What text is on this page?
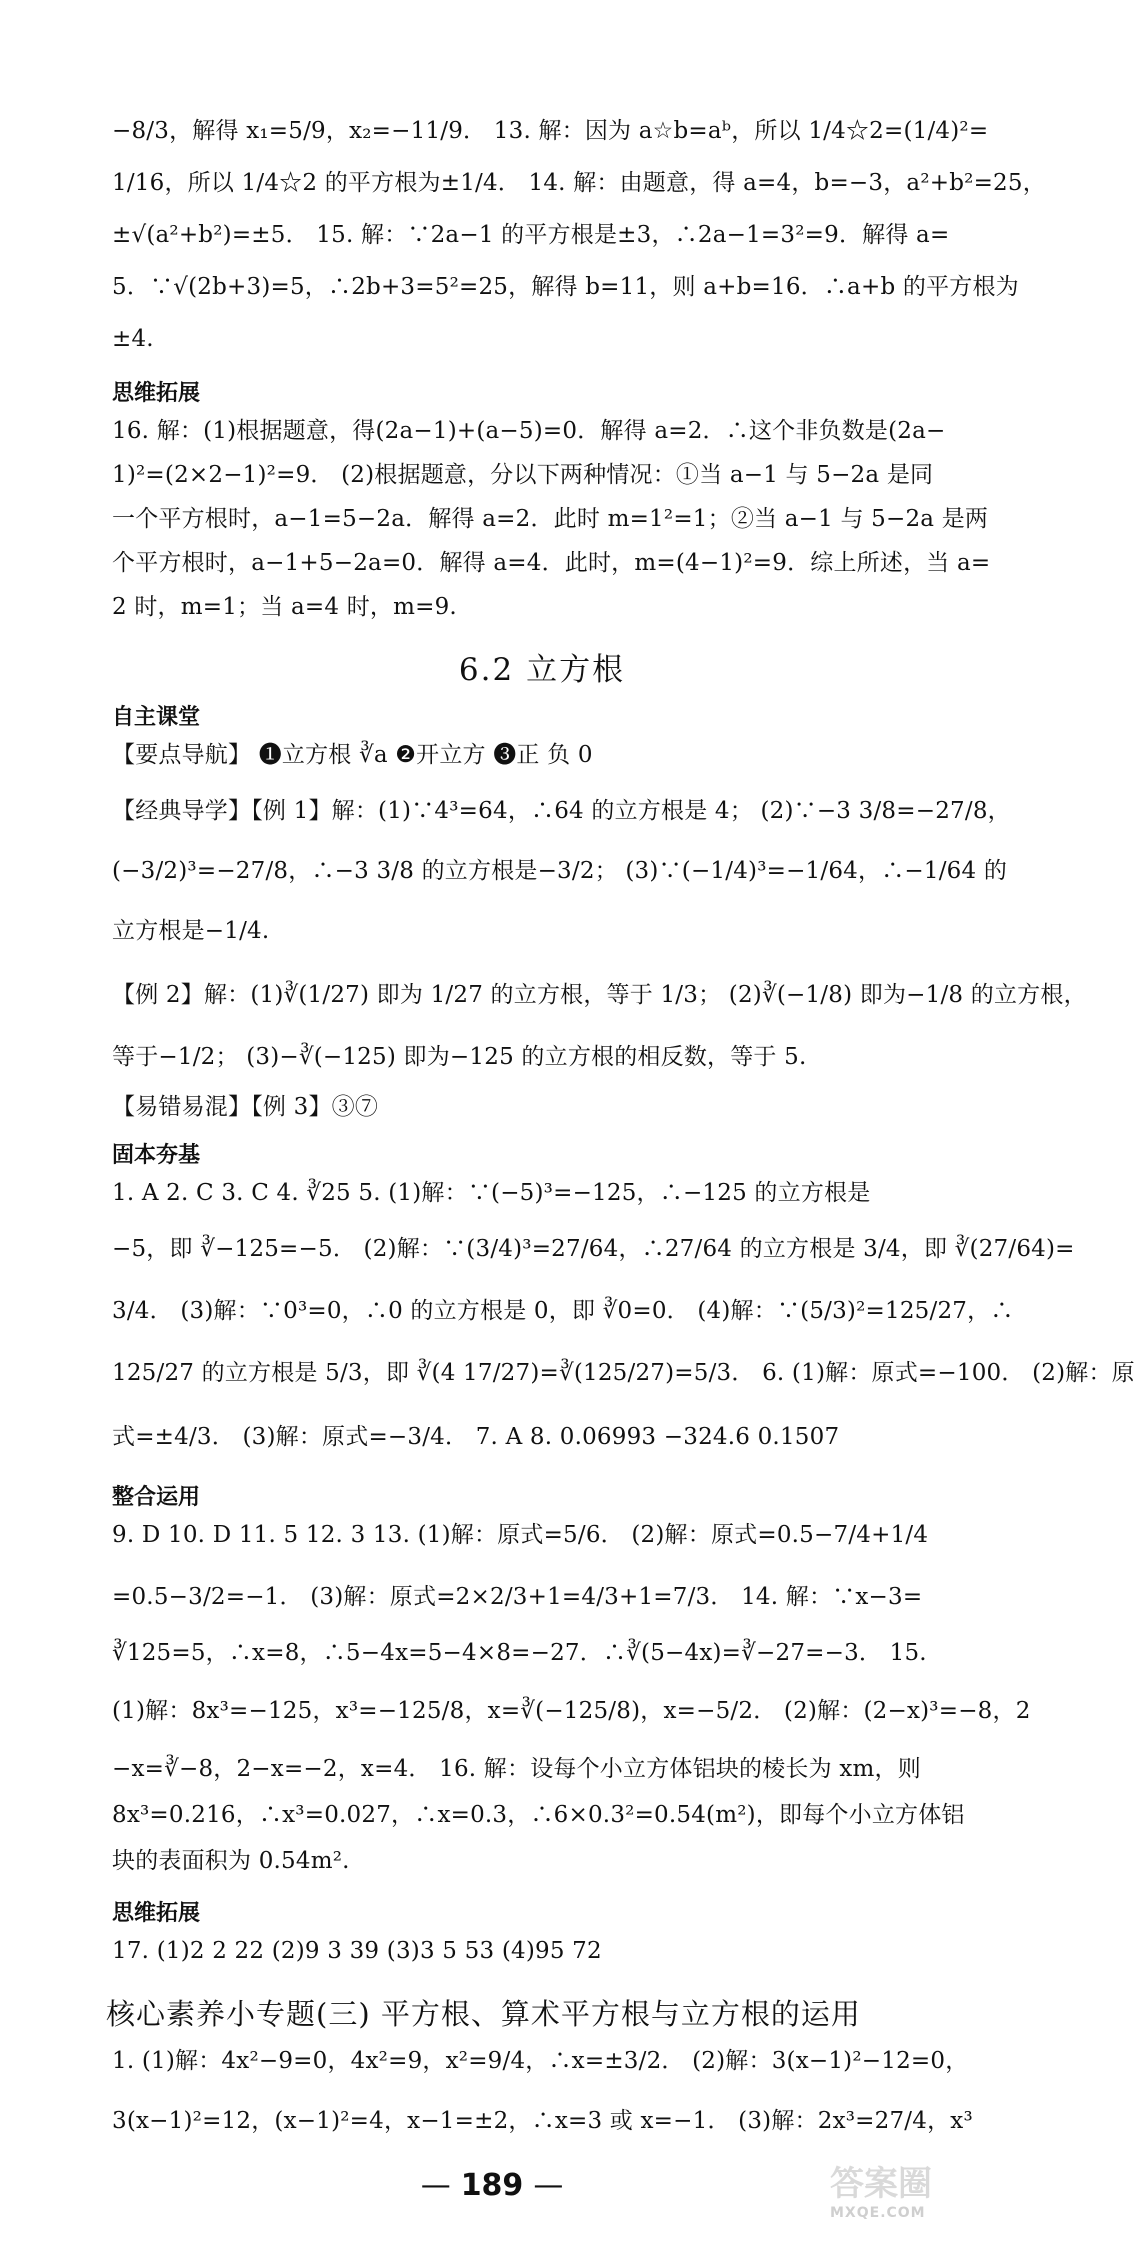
−8/3，解得 x₁=5/9，x₂=−11/9． 13. 解：因为 a☆b=aᵇ，所以 1/4☆2=(1/4)²=
1/16，所以 1/4☆2 的平方根为±1/4． 14. 解：由题意，得 a=4，b=−3，a²+b²=25，
±√(a²+b²)=±5． 15. 解：∵2a−1 的平方根是±3，∴2a−1=3²=9．解得 a=
5．∵√(2b+3)=5，∴2b+3=5²=25，解得 b=11，则 a+b=16．∴a+b 的平方根为
±4.
思维拓展
16. 解：(1)根据题意，得(2a−1)+(a−5)=0．解得 a=2．∴这个非负数是(2a−
1)²=(2×2−1)²=9． (2)根据题意，分以下两种情况：①当 a−1 与 5−2a 是同
一个平方根时，a−1=5−2a．解得 a=2．此时 m=1²=1；②当 a−1 与 5−2a 是两
个平方根时，a−1+5−2a=0．解得 a=4．此时，m=(4−1)²=9．综上所述，当 a=
2 时，m=1；当 a=4 时，m=9.
6.2 立方根
自主课堂
【要点导航】 ❶立方根 ∛a ❷开立方 ❸正 负 0
【经典导学】【例 1】解：(1)∵4³=64，∴64 的立方根是 4； (2)∵−3 3/8=−27/8，
(−3/2)³=−27/8，∴−3 3/8 的立方根是−3/2； (3)∵(−1/4)³=−1/64，∴−1/64 的
立方根是−1/4.
【例 2】解：(1)∛(1/27) 即为 1/27 的立方根，等于 1/3； (2)∛(−1/8) 即为−1/8 的立方根，
等于−1/2； (3)−∛(−125) 即为−125 的立方根的相反数，等于 5.
【易错易混】【例 3】③⑦
固本夯基
1. A 2. C 3. C 4. ∛25 5. (1)解：∵(−5)³=−125，∴−125 的立方根是
−5，即 ∛−125=−5． (2)解：∵(3/4)³=27/64，∴27/64 的立方根是 3/4，即 ∛(27/64)=
3/4． (3)解：∵0³=0，∴0 的立方根是 0，即 ∛0=0． (4)解：∵(5/3)²=125/27，∴
125/27 的立方根是 5/3，即 ∛(4 17/27)=∛(125/27)=5/3． 6. (1)解：原式=−100． (2)解：原
式=±4/3． (3)解：原式=−3/4． 7. A 8. 0.06993 −324.6 0.1507
整合运用
9. D 10. D 11. 5 12. 3 13. (1)解：原式=5/6． (2)解：原式=0.5−7/4+1/4
=0.5−3/2=−1． (3)解：原式=2×2/3+1=4/3+1=7/3． 14. 解：∵x−3=
∛125=5，∴x=8，∴5−4x=5−4×8=−27．∴∛(5−4x)=∛−27=−3． 15.
(1)解：8x³=−125，x³=−125/8，x=∛(−125/8)，x=−5/2． (2)解：(2−x)³=−8，2
−x=∛−8，2−x=−2，x=4． 16. 解：设每个小立方体铝块的棱长为 xm，则
8x³=0.216，∴x³=0.027，∴x=0.3，∴6×0.3²=0.54(m²)，即每个小立方体铝
块的表面积为 0.54m².
思维拓展
17. (1)2 2 22 (2)9 3 39 (3)3 5 53 (4)95 72
核心素养小专题(三) 平方根、算术平方根与立方根的运用
1. (1)解：4x²−9=0，4x²=9，x²=9/4，∴x=±3/2． (2)解：3(x−1)²−12=0，
3(x−1)²=12，(x−1)²=4，x−1=±2，∴x=3 或 x=−1． (3)解：2x³=27/4，x³
— 189 —	答案圈
MXQE.COM
